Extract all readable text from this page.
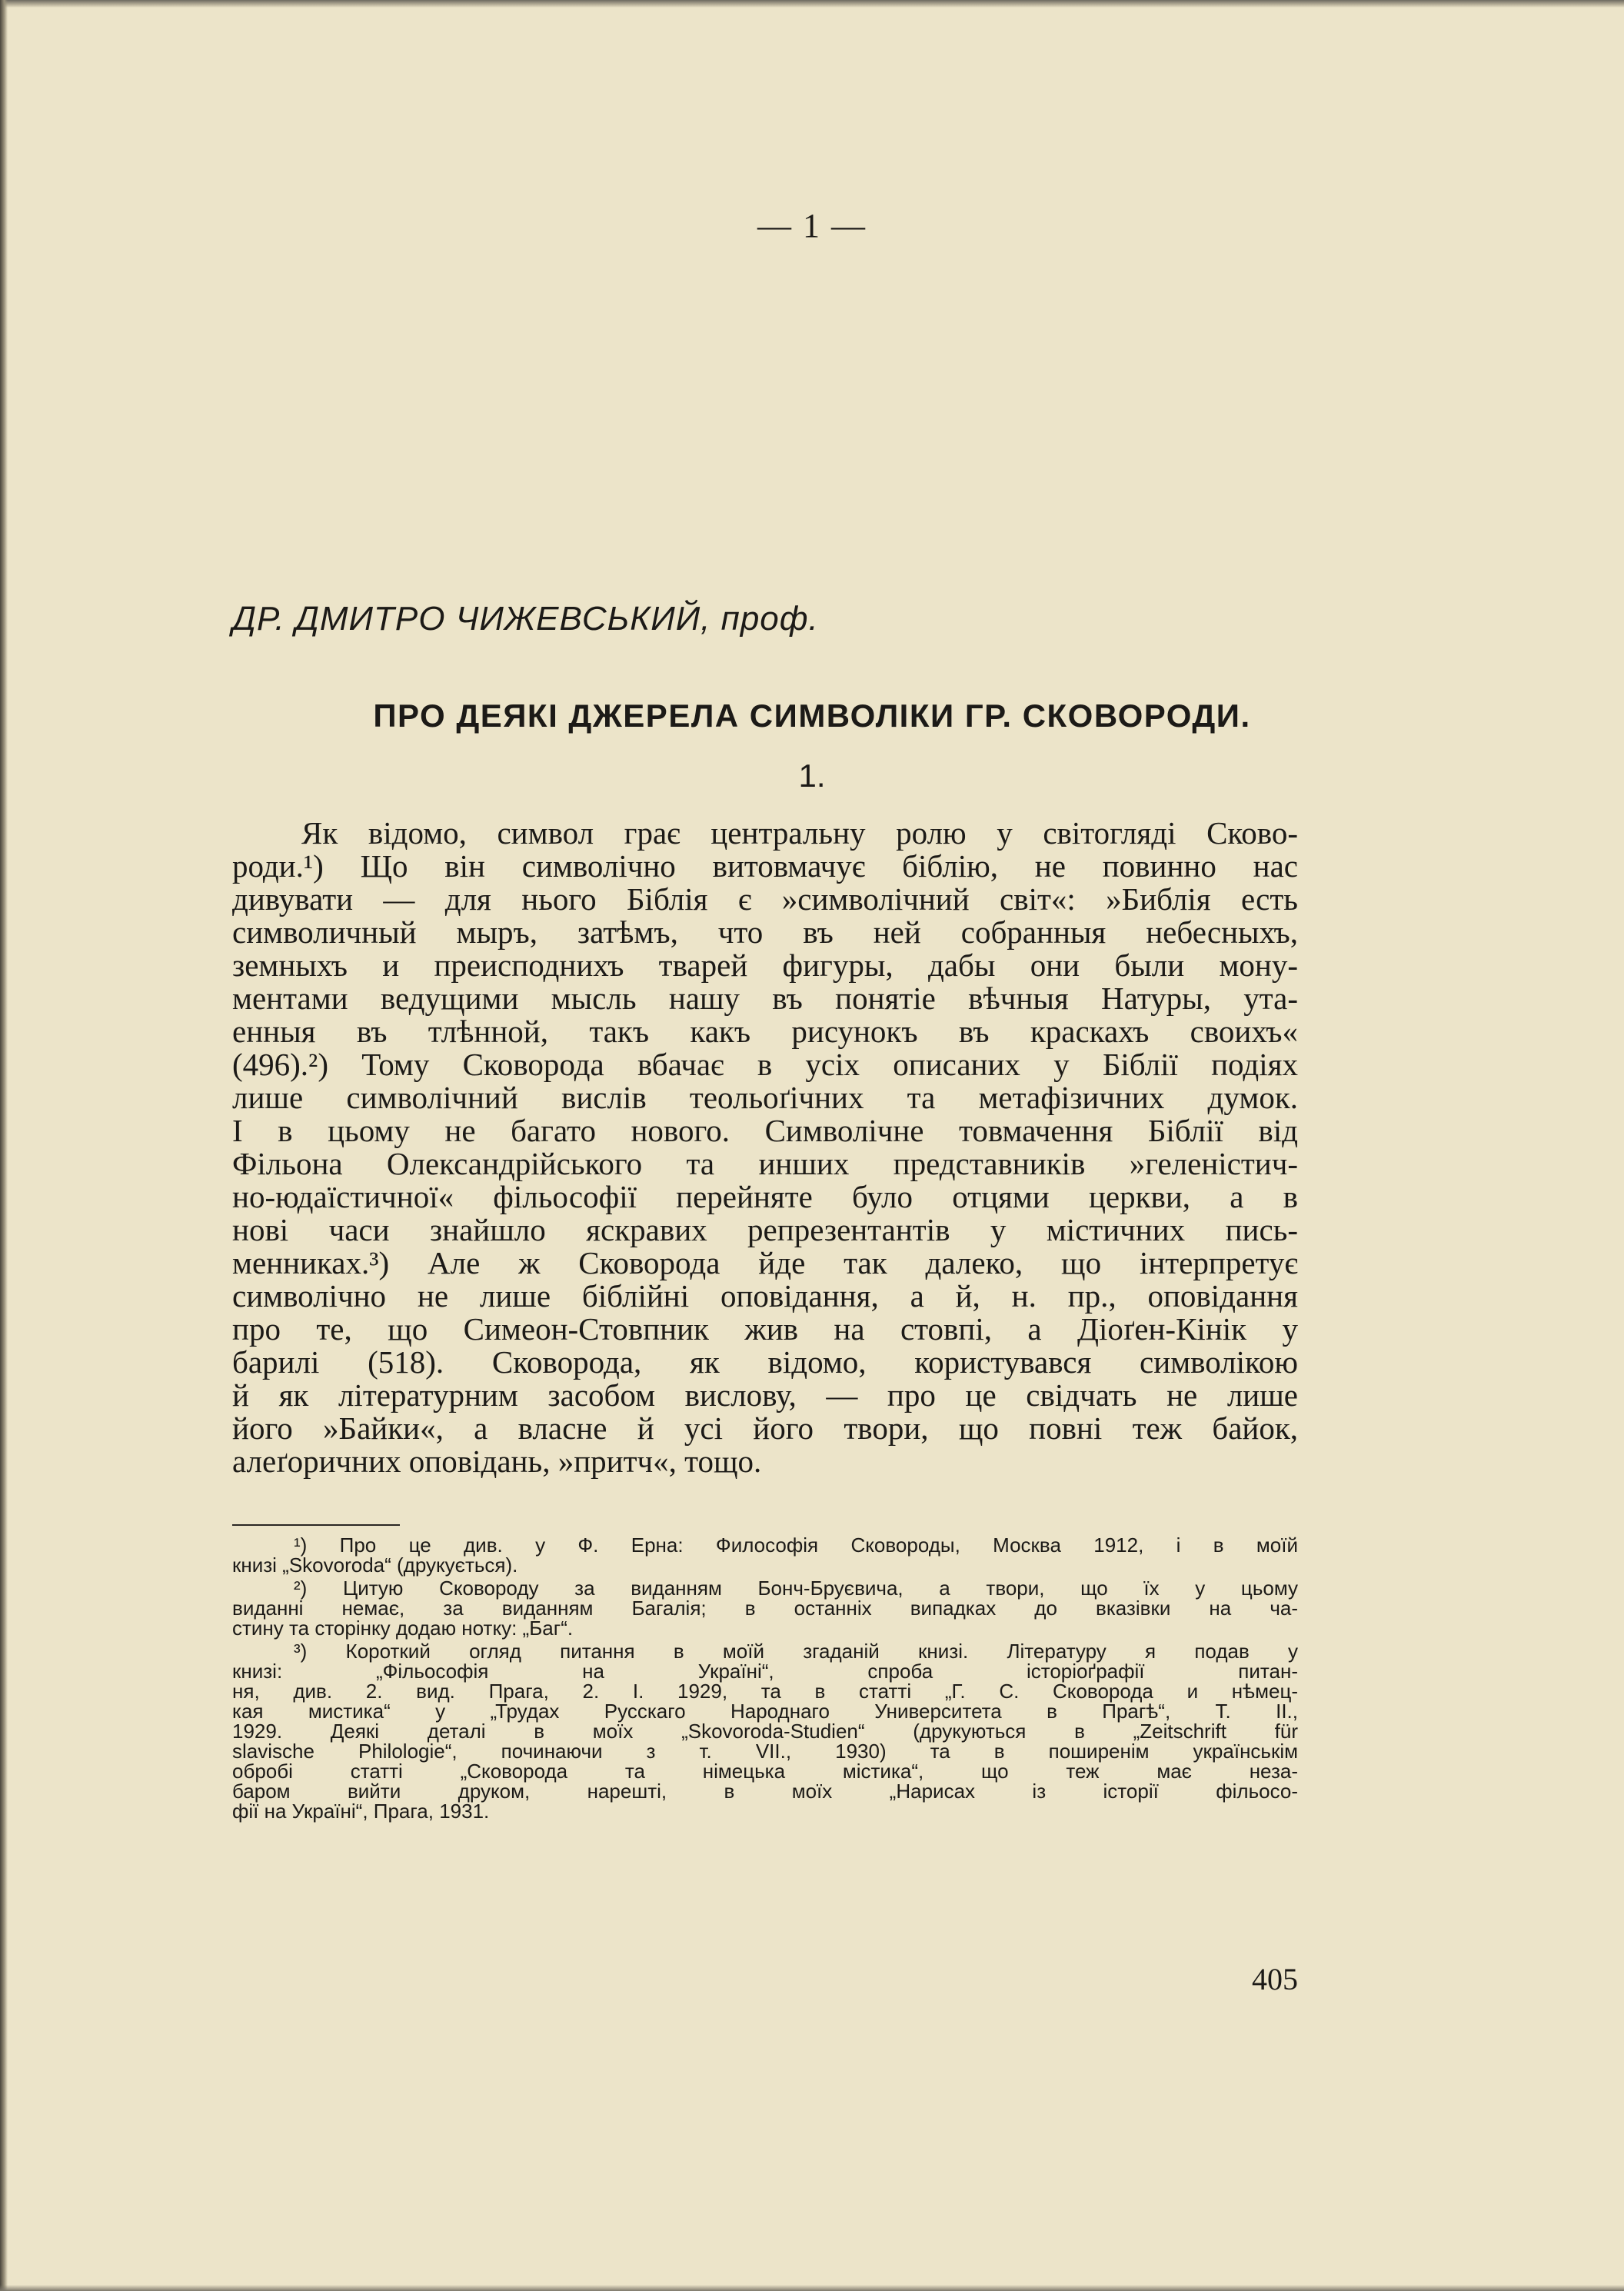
— 1 —
ДР. ДМИТРО ЧИЖЕВСЬКИЙ, проф.
ПРО ДЕЯКІ ДЖЕРЕЛА СИМВОЛІКИ ГР. СКОВОРОДИ.
1.
Як відомо, символ грає центральну ролю у світогляді Сково-
роди.¹) Що він символічно витовмачує біблію, не повинно нас
дивувати — для нього Біблія є »символічний світ«: »Библія есть
символичный мыръ, затѣмъ, что въ ней собранныя небесныхъ,
земныхъ и преисподнихъ тварей фигуры, дабы они были мону-
ментами ведущими мысль нашу въ понятіе вѣчныя Натуры, ута-
енныя въ тлѣнной, такъ какъ рисунокъ въ краскахъ своихъ«
(496).²) Тому Сковорода вбачає в усіх описаних у Біблії подіях
лише символічний вислів теольоґічних та метафізичних думок.
І в цьому не багато нового. Символічне товмачення Біблії від
Фільона Олександрійського та инших представників »геленістич-
но-юдаїстичної« фільософії перейняте було отцями церкви, а в
нові часи знайшло яскравих репрезентантів у містичних пись-
менниках.³) Але ж Сковорода йде так далеко, що інтерпретує
символічно не лише біблійні оповідання, а й, н. пр., оповідання
про те, що Симеон-Стовпник жив на стовпі, а Діоґен-Кінік у
барилі (518). Сковорода, як відомо, користувався символікою
й як літературним засобом вислову, — про це свідчать не лише
його »Байки«, а власне й усі його твори, що повні теж байок,
алеґоричних оповідань, »притч«, тощо.
¹) Про це див. у Ф. Ерна: Философія Сковороды, Москва 1912, і в моїй
книзі „Skovoroda“ (друкується).
²) Цитую Сковороду за виданням Бонч-Бруєвича, а твори, що їх у цьому
виданні немає, за виданням Багалія; в останніх випадках до вказівки на ча-
стину та сторінку додаю нотку: „Баг“.
³) Короткий огляд питання в моїй згаданій книзі. Літературу я подав у
книзі: „Фільософія на Україні“, спроба історіоґрафії питан-
ня, див. 2. вид. Прага, 2. I. 1929, та в статті „Г. С. Сковорода и нѣмец-
кая мистика“ у „Трудах Русскаго Народнаго Университета в Прагѣ“, Т. II.,
1929. Деякі деталі в моїх „Skovoroda-Studien“ (друкуються в „Zeitschrift für
slavische Philologie“, починаючи з т. VII., 1930) та в поширенім українськім
обробі статті „Сковорода та німецька містика“, що теж має неза-
баром вийти друком, нарешті, в моїх „Нарисах із історії фільосо-
фії на Україні“, Прага, 1931.
405
